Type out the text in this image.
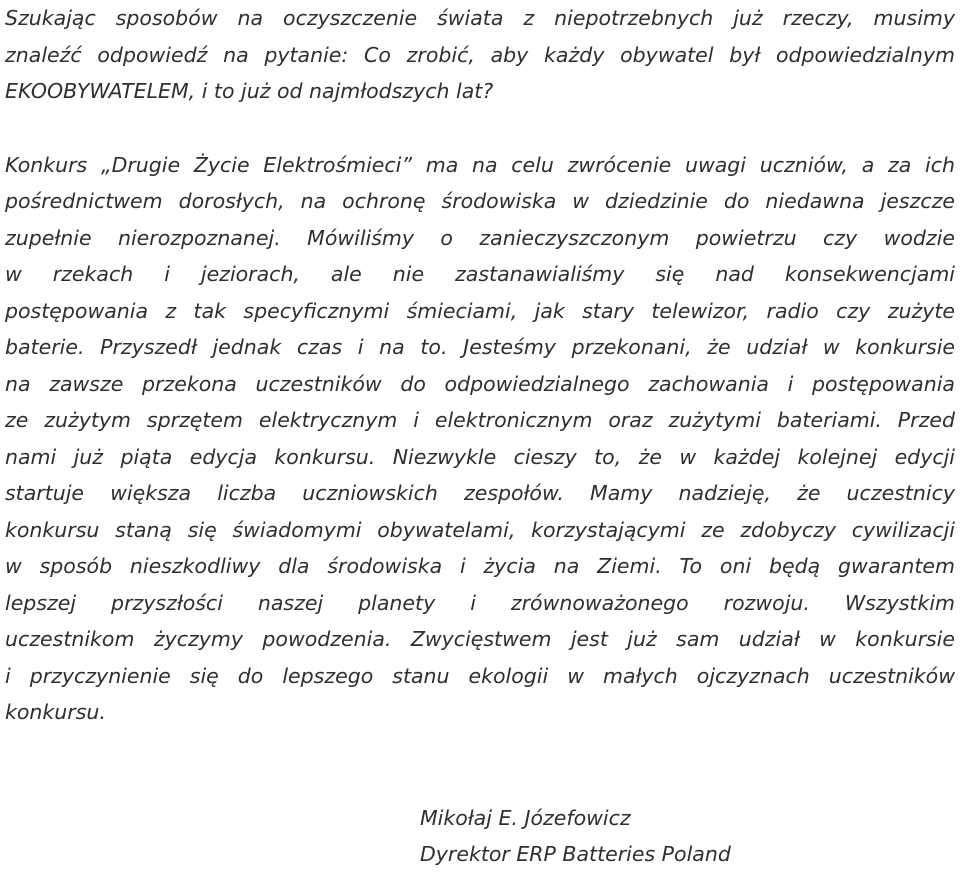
Szukając sposobów na oczyszczenie świata z niepotrzebnych już rzeczy, musimy
znaleźć odpowiedź na pytanie: Co zrobić, aby każdy obywatel był odpowiedzialnym
EKOOBYWATELEM, i to już od najmłodszych lat?
Konkurs „Drugie Życie Elektrośmieci” ma na celu zwrócenie uwagi uczniów, a za ich
pośrednictwem dorosłych, na ochronę środowiska w dziedzinie do niedawna jeszcze
zupełnie nierozpoznanej. Mówiliśmy o zanieczyszczonym powietrzu czy wodzie
w rzekach i jeziorach, ale nie zastanawialiśmy się nad konsekwencjami
postępowania z tak specyficznymi śmieciami, jak stary telewizor, radio czy zużyte
baterie. Przyszedł jednak czas i na to. Jesteśmy przekonani, że udział w konkursie
na zawsze przekona uczestników do odpowiedzialnego zachowania i postępowania
ze zużytym sprzętem elektrycznym i elektronicznym oraz zużytymi bateriami. Przed
nami już piąta edycja konkursu. Niezwykle cieszy to, że w każdej kolejnej edycji
startuje większa liczba uczniowskich zespołów. Mamy nadzieję, że uczestnicy
konkursu staną się świadomymi obywatelami, korzystającymi ze zdobyczy cywilizacji
w sposób nieszkodliwy dla środowiska i życia na Ziemi. To oni będą gwarantem
lepszej przyszłości naszej planety i zrównoważonego rozwoju. Wszystkim
uczestnikom życzymy powodzenia. Zwycięstwem jest już sam udział w konkursie
i przyczynienie się do lepszego stanu ekologii w małych ojczyznach uczestników
konkursu.
Mikołaj E. Józefowicz
Dyrektor ERP Batteries Poland
